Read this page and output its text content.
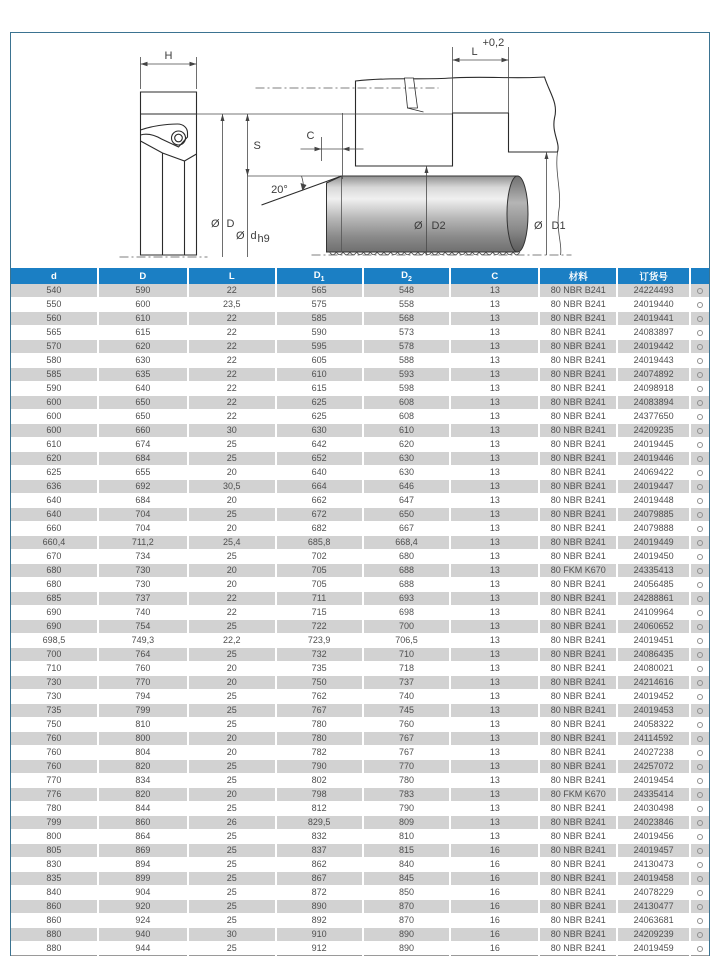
H
Ø D
Ø d h9
S
20°
C
L
+0,2
Ø D2	Ø D1
d	D	L	$D_1$	$D_2$	C	材料	订货号	
540	590	22	565	548	13	80 NBR B241	24224493	
550	600	23,5	575	558	13	80 NBR B241	24019440	
560	610	22	585	568	13	80 NBR B241	24019441	
565	615	22	590	573	13	80 NBR B241	24083897	
570	620	22	595	578	13	80 NBR B241	24019442	
580	630	22	605	588	13	80 NBR B241	24019443	
585	635	22	610	593	13	80 NBR B241	24074892	
590	640	22	615	598	13	80 NBR B241	24098918	
600	650	22	625	608	13	80 NBR B241	24083894	
600	650	22	625	608	13	80 NBR B241	24377650	
600	660	30	630	610	13	80 NBR B241	24209235	
610	674	25	642	620	13	80 NBR B241	24019445	
620	684	25	652	630	13	80 NBR B241	24019446	
625	655	20	640	630	13	80 NBR B241	24069422	
636	692	30,5	664	646	13	80 NBR B241	24019447	
640	684	20	662	647	13	80 NBR B241	24019448	
640	704	25	672	650	13	80 NBR B241	24079885	
660	704	20	682	667	13	80 NBR B241	24079888	
660,4	711,2	25,4	685,8	668,4	13	80 NBR B241	24019449	
670	734	25	702	680	13	80 NBR B241	24019450	
680	730	20	705	688	13	80 FKM K670	24335413	
680	730	20	705	688	13	80 NBR B241	24056485	
685	737	22	711	693	13	80 NBR B241	24288861	
690	740	22	715	698	13	80 NBR B241	24109964	
690	754	25	722	700	13	80 NBR B241	24060652	
698,5	749,3	22,2	723,9	706,5	13	80 NBR B241	24019451	
700	764	25	732	710	13	80 NBR B241	24086435	
710	760	20	735	718	13	80 NBR B241	24080021	
730	770	20	750	737	13	80 NBR B241	24214616	
730	794	25	762	740	13	80 NBR B241	24019452	
735	799	25	767	745	13	80 NBR B241	24019453	
750	810	25	780	760	13	80 NBR B241	24058322	
760	800	20	780	767	13	80 NBR B241	24114592	
760	804	20	782	767	13	80 NBR B241	24027238	
760	820	25	790	770	13	80 NBR B241	24257072	
770	834	25	802	780	13	80 NBR B241	24019454	
776	820	20	798	783	13	80 FKM K670	24335414	
780	844	25	812	790	13	80 NBR B241	24030498	
799	860	26	829,5	809	13	80 NBR B241	24023846	
800	864	25	832	810	13	80 NBR B241	24019456	
805	869	25	837	815	16	80 NBR B241	24019457	
830	894	25	862	840	16	80 NBR B241	24130473	
835	899	25	867	845	16	80 NBR B241	24019458	
840	904	25	872	850	16	80 NBR B241	24078229	
860	920	25	890	870	16	80 NBR B241	24130477	
860	924	25	892	870	16	80 NBR B241	24063681	
880	940	30	910	890	16	80 NBR B241	24209239	
880	944	25	912	890	16	80 NBR B241	24019459	
